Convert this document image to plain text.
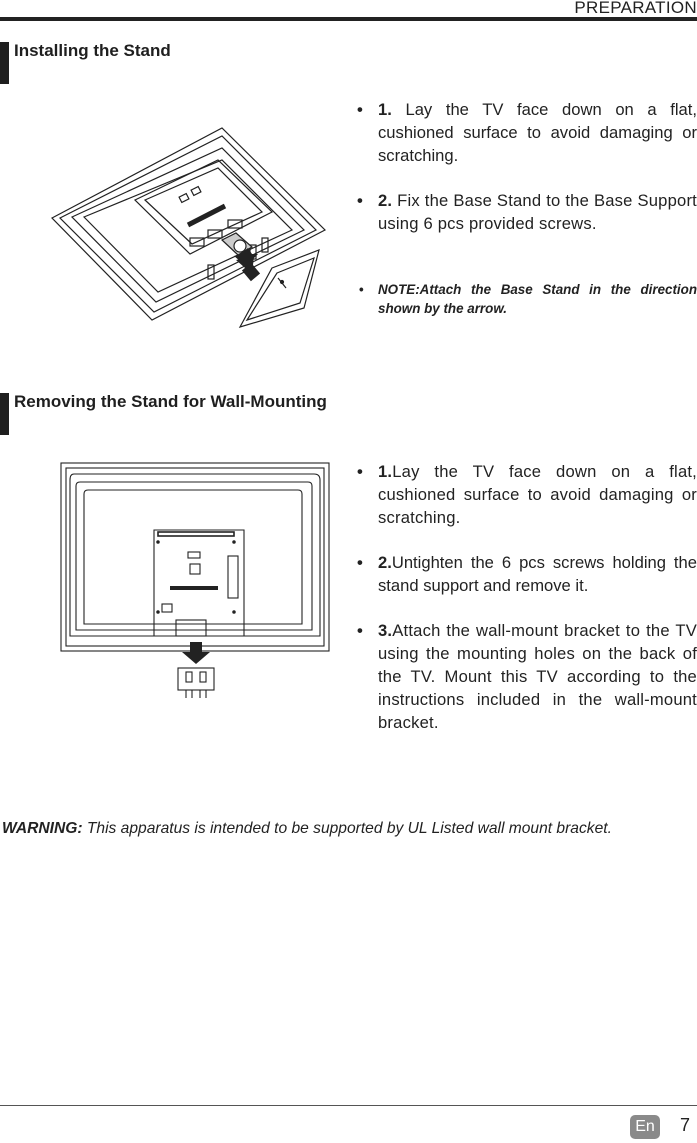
PREPARATION
Installing the Stand
• 1. Lay the TV face down on a flat, cushioned surface to avoid damaging or scratching.
• 2. Fix the Base Stand to the Base Support using 6 pcs provided screws.
• NOTE:Attach the Base Stand in the direction shown by the arrow.
Removing the Stand for Wall-Mounting
• 1.Lay the TV face down on a flat, cushioned surface to avoid damaging or scratching.
• 2.Untighten the 6 pcs screws holding the stand support and remove it.
• 3.Attach the wall-mount bracket to the TV using the mounting holes on the back of the TV. Mount this TV according to the instructions included in the wall-mount bracket.
WARNING: This apparatus is intended to be supported by UL Listed wall mount bracket.
En 7
